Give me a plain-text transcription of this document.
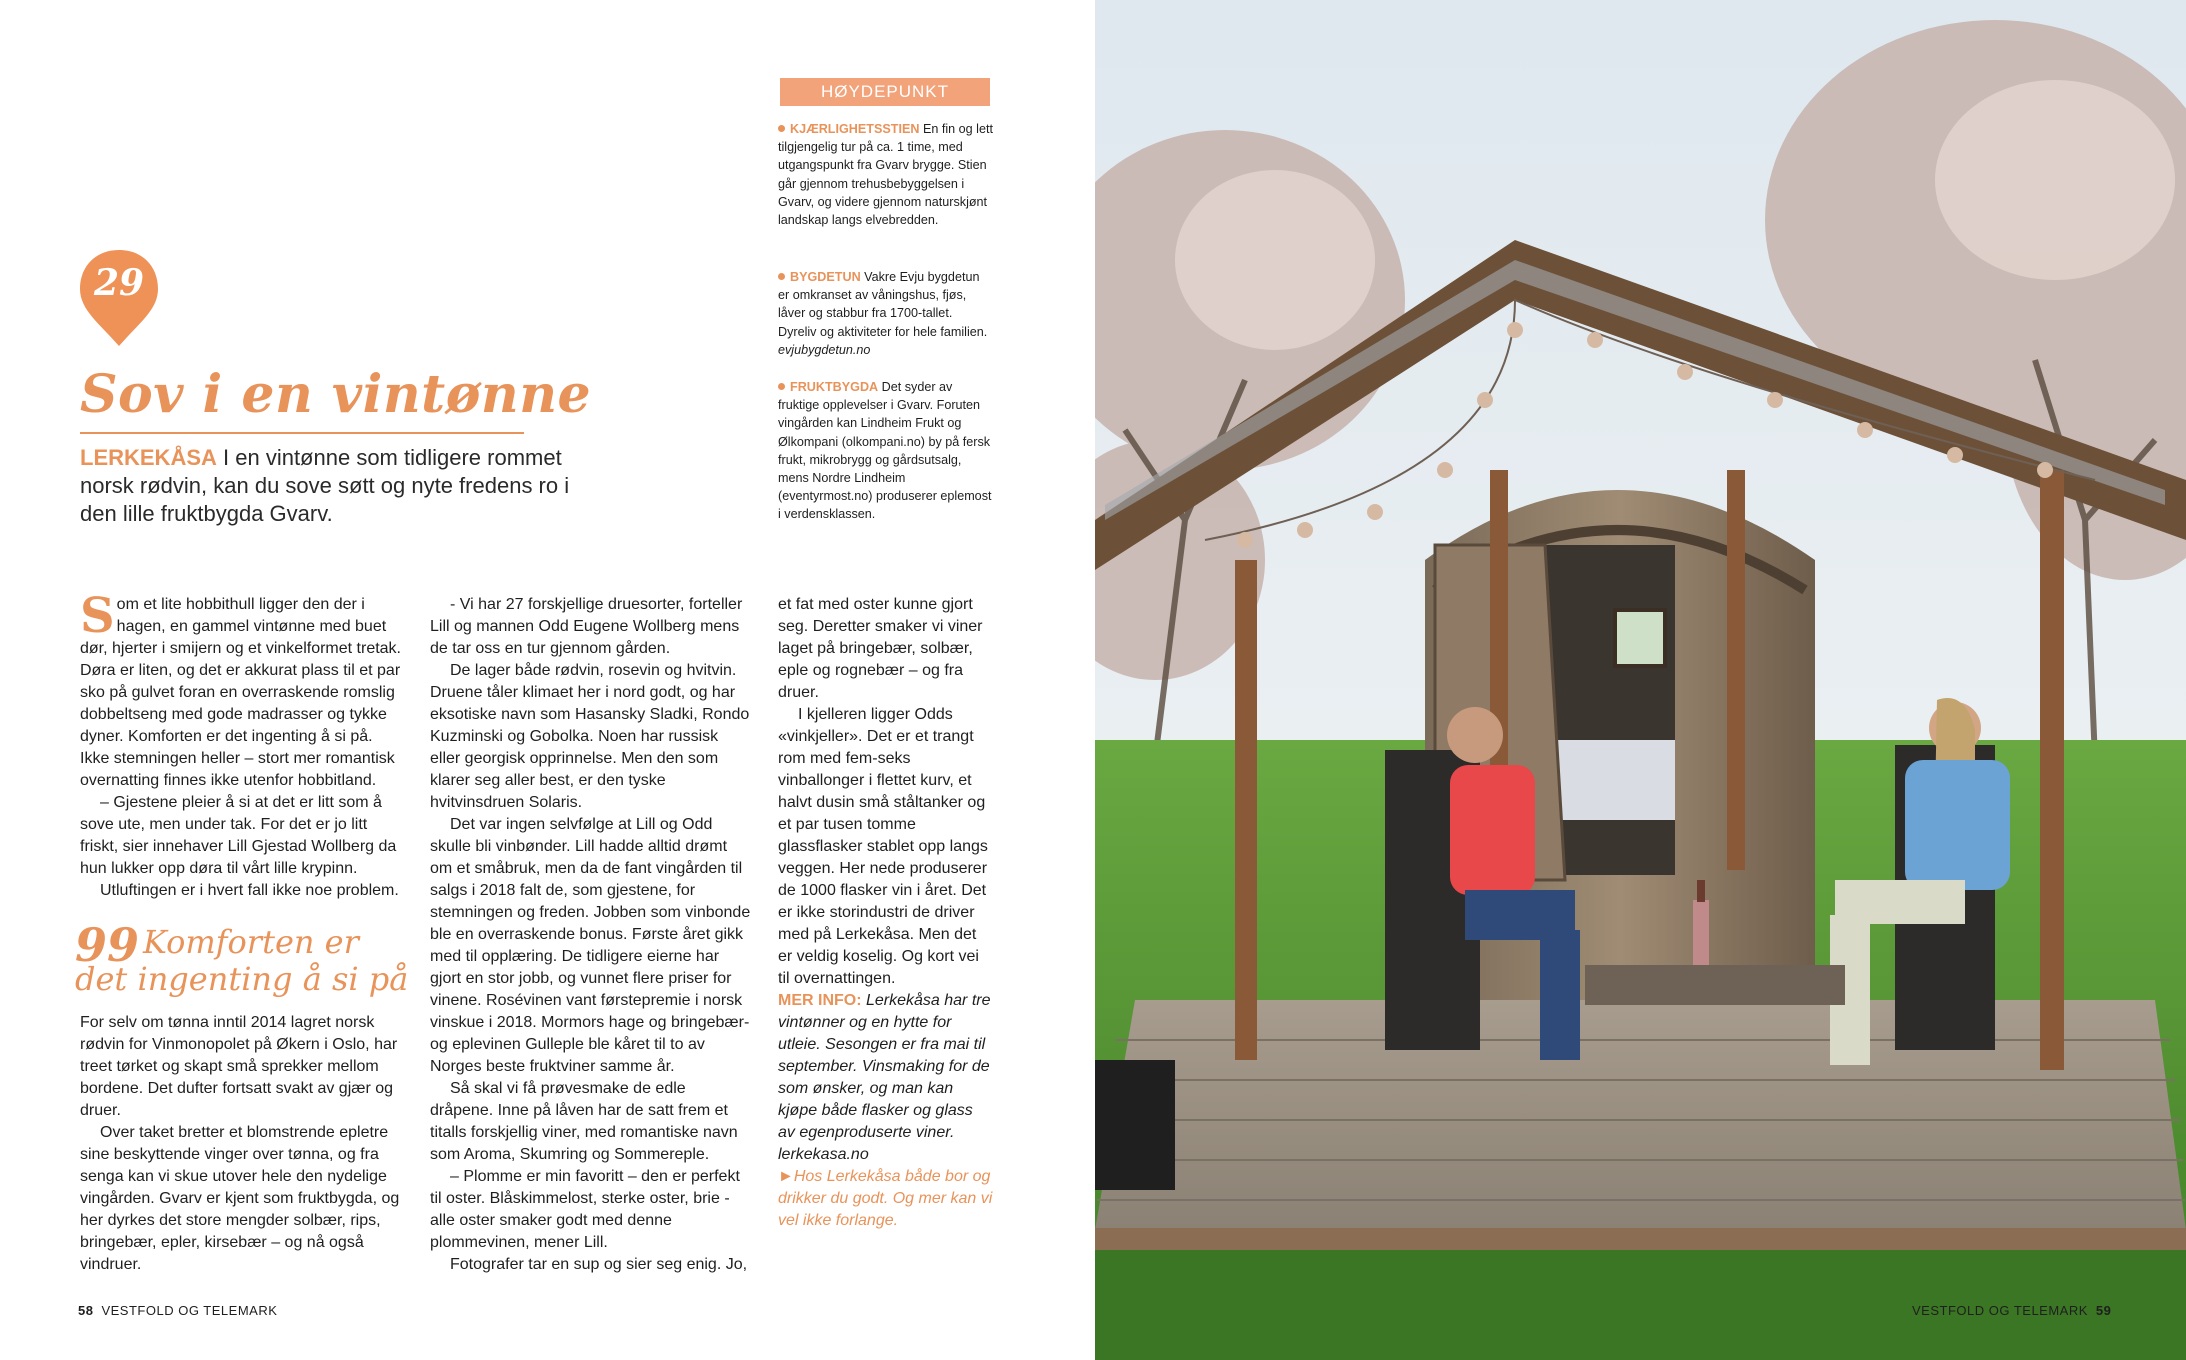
29
Sov i en vintønne
LERKEKÅSA I en vintønne som tidligere rommet norsk rødvin, kan du sove søtt og nyte fredens ro i den lille fruktbygda Gvarv.

Som et lite hobbithull ligger den der i hagen, en gammel vintønne med buet dør, hjerter i smijern og et vinkelformet tretak. Døra er liten, og det er akkurat plass til et par sko på gulvet foran en overraskende romslig dobbeltseng med gode madrasser og tykke dyner. Komforten er det ingenting å si på. Ikke stemningen heller – stort mer romantisk overnatting finnes ikke utenfor hobbitland.

– Gjestene pleier å si at det er litt som å sove ute, men under tak. For det er jo litt friskt, sier innehaver Lill Gjestad Wollberg da hun lukker opp døra til vårt lille krypinn.

Utluftingen er i hvert fall ikke noe problem.

99 Komforten er det ingenting å si på

For selv om tønna inntil 2014 lagret norsk rødvin for Vinmonopolet på Økern i Oslo, har treet tørket og skapt små sprekker mellom bordene. Det dufter fortsatt svakt av gjær og druer.

Over taket bretter et blomstrende epletre sine beskyttende vinger over tønna, og fra senga kan vi skue utover hele den nydelige vingården. Gvarv er kjent som fruktbygda, og her dyrkes det store mengder solbær, rips, bringebær, epler, kirsebær – og nå også vindruer.

- Vi har 27 forskjellige druesorter, forteller Lill og mannen Odd Eugene Wollberg mens de tar oss en tur gjennom gården.

De lager både rødvin, rosevin og hvitvin. Druene tåler klimaet her i nord godt, og har eksotiske navn som Hasansky Sladki, Rondo Kuzminski og Gobolka. Noen har russisk eller georgisk opprinnelse. Men den som klarer seg aller best, er den tyske hvitvinsdruen Solaris.

Det var ingen selvfølge at Lill og Odd skulle bli vinbønder. Lill hadde alltid drømt om et småbruk, men da de fant vingården til salgs i 2018 falt de, som gjestene, for stemningen og freden. Jobben som vinbonde ble en overraskende bonus. Første året gikk med til opplæring. De tidligere eierne har gjort en stor jobb, og vunnet flere priser for vinene. Rosévinen vant førstepremie i norsk vinskue i 2018. Mormors hage og bringebær- og eplevinen Gulleple ble kåret til to av Norges beste fruktviner samme år.

Så skal vi få prøvesmake de edle dråpene. Inne på låven har de satt frem et titalls forskjellig viner, med romantiske navn som Aroma, Skumring og Sommereple.

– Plomme er min favoritt – den er perfekt til oster. Blåskimmelost, sterke oster, brie - alle oster smaker godt med denne plommevinen, mener Lill.

Fotografer tar en sup og sier seg enig. Jo,

et fat med oster kunne gjort seg. Deretter smaker vi viner laget på bringebær, solbær, eple og rognebær – og fra druer.

I kjelleren ligger Odds «vinkjeller». Det er et trangt rom med fem-seks vinballonger i flettet kurv, et halvt dusin små ståltanker og et par tusen tomme glassflasker stablet opp langs veggen. Her nede produserer de 1000 flasker vin i året. Det er ikke storindustri de driver med på Lerkekåsa. Men det er veldig koselig. Og kort vei til overnattingen.

MER INFO: Lerkekåsa har tre vintønner og en hytte for utleie. Sesongen er fra mai til september. Vinsmaking for de som ønsker, og man kan kjøpe både flasker og glass av egenproduserte viner. lerkekasa.no

►Hos Lerkekåsa både bor og drikker du godt. Og mer kan vi vel ikke forlange.

HØYDEPUNKT
KJÆRLIGHETSSTIEN En fin og lett tilgjengelig tur på ca. 1 time, med utgangspunkt fra Gvarv brygge. Stien går gjennom trehusbebyggelsen i Gvarv, og videre gjennom naturskjønt landskap langs elvebredden.
BYGDETUN Vakre Evju bygdetun er omkranset av våningshus, fjøs, låver og stabbur fra 1700-tallet. Dyreliv og aktiviteter for hele familien. evjubygdetun.no
FRUKTBYGDA Det syder av fruktige opplevelser i Gvarv. Foruten vingården kan Lindheim Frukt og Ølkompani (olkompani.no) by på fersk frukt, mikrobrygg og gårdsutsalg, mens Nordre Lindheim (eventyrmost.no) produserer eplemost i verdensklassen.
58 VESTFOLD OG TELEMARK	VESTFOLD OG TELEMARK 59
